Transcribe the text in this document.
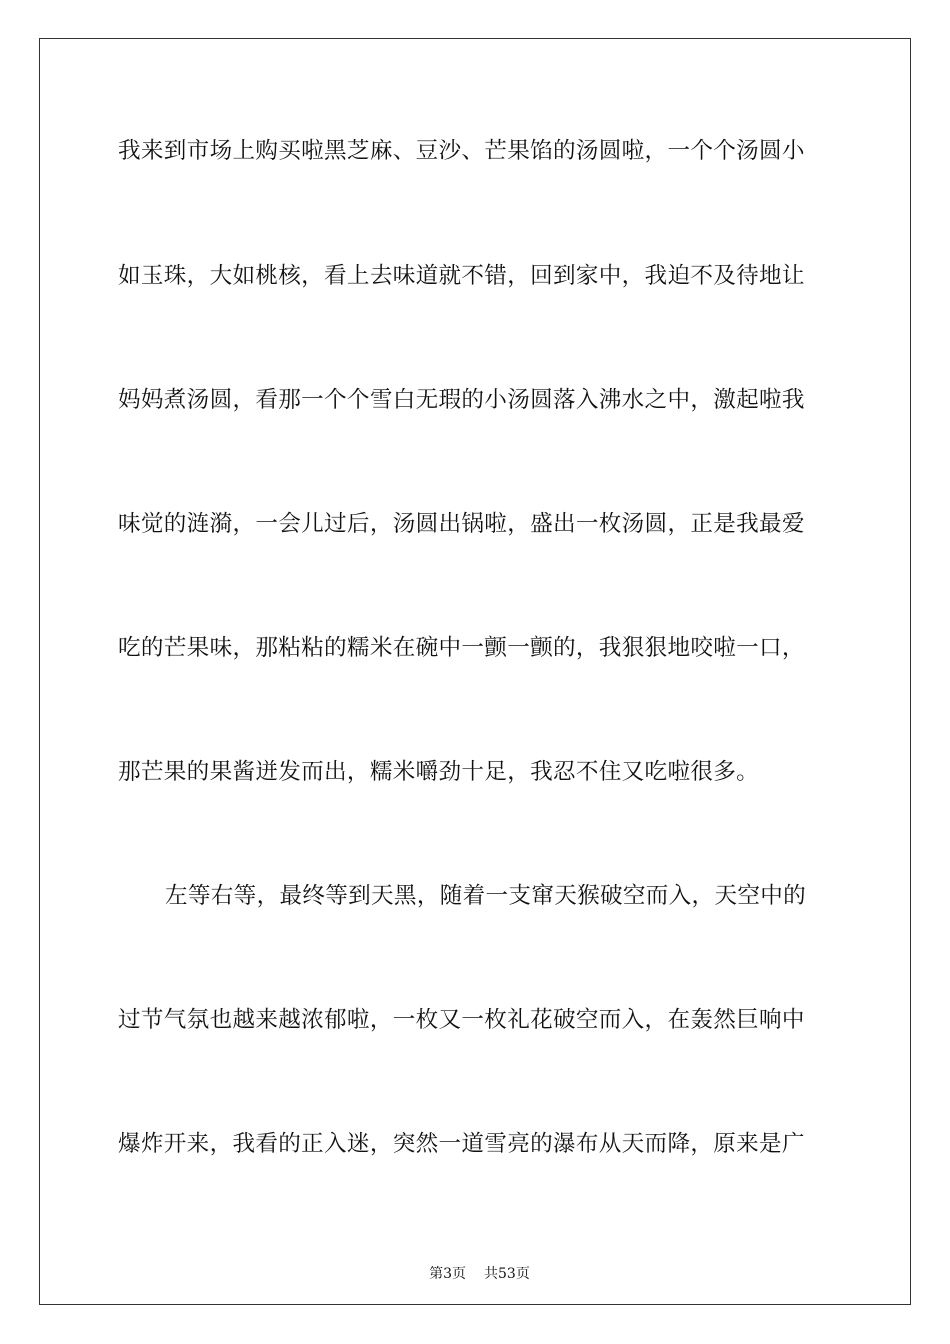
我来到市场上购买啦黑芝麻、豆沙、芒果馅的汤圆啦，一个个汤圆小
如玉珠，大如桃核，看上去味道就不错，回到家中，我迫不及待地让
妈妈煮汤圆，看那一个个雪白无瑕的小汤圆落入沸水之中，激起啦我
味觉的涟漪，一会儿过后，汤圆出锅啦，盛出一枚汤圆，正是我最爱
吃的芒果味，那粘粘的糯米在碗中一颤一颤的，我狠狠地咬啦一口，
那芒果的果酱迸发而出，糯米嚼劲十足，我忍不住又吃啦很多。
左等右等，最终等到天黑，随着一支窜天猴破空而入，天空中的
过节气氛也越来越浓郁啦，一枚又一枚礼花破空而入，在轰然巨响中
爆炸开来，我看的正入迷，突然一道雪亮的瀑布从天而降，原来是广

第3页 共53页
